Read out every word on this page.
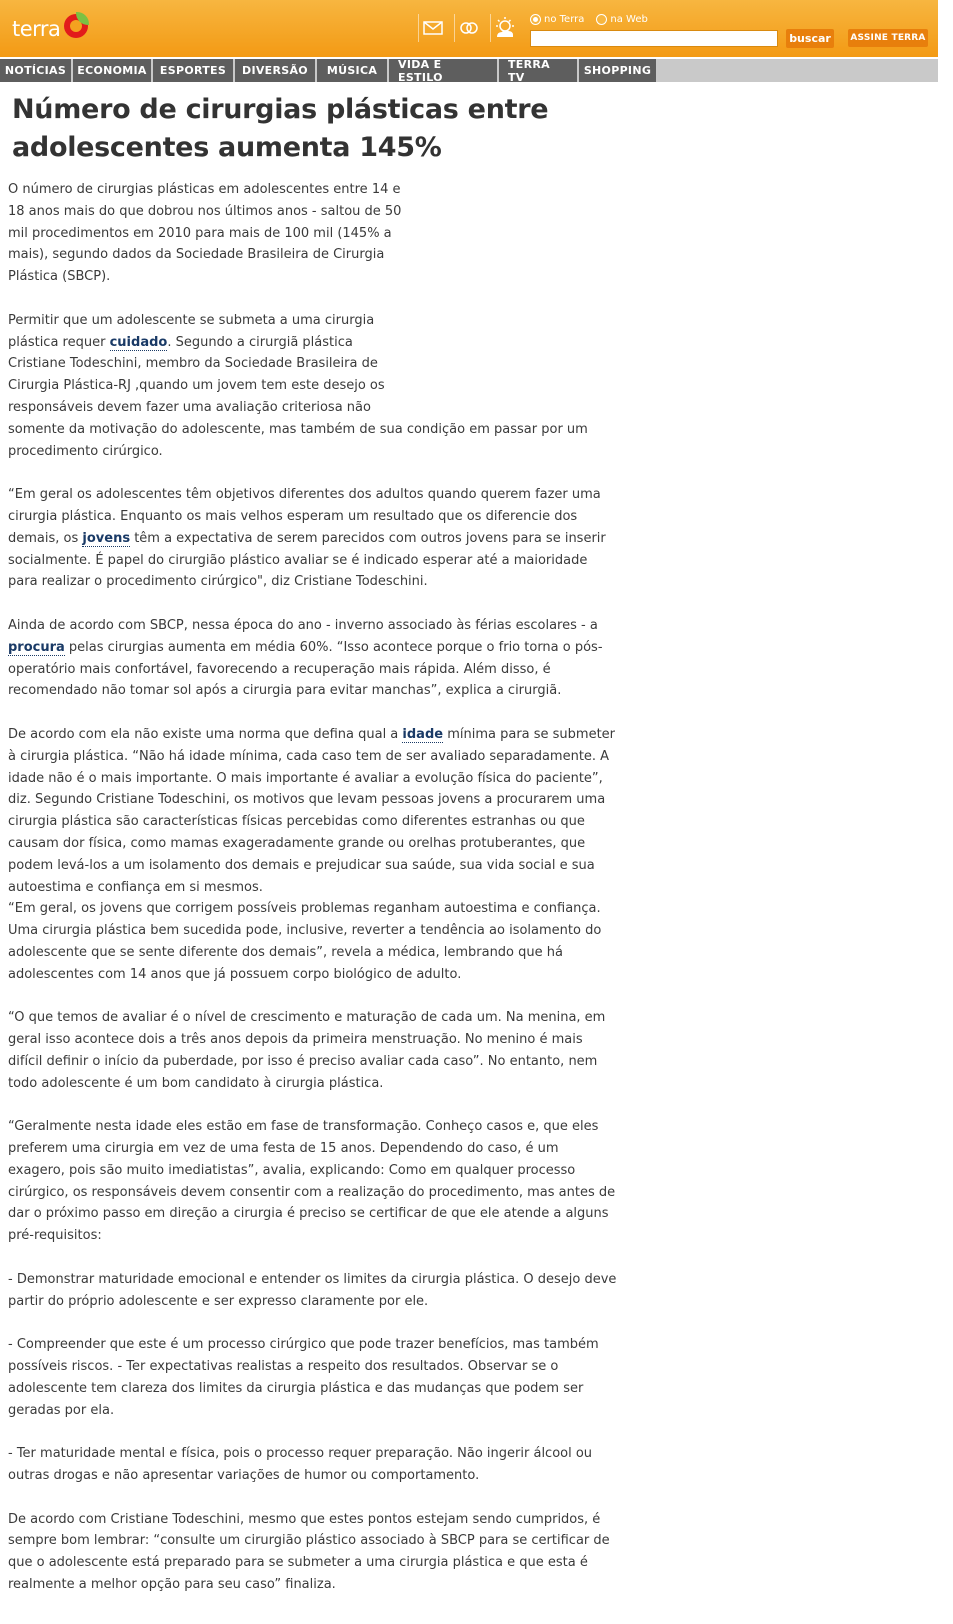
terra	no Terra	na Web
buscar	ASSINE TERRA
NOTÍCIAS	ECONOMIA	ESPORTES	DIVERSÃO	MÚSICA	VIDA E ESTILO
TERRA TV	SHOPPING
Número de cirurgias plásticas entre
adolescentes aumenta 145%

O número de cirurgias plásticas em adolescentes entre 14 e
18 anos mais do que dobrou nos últimos anos - saltou de 50
mil procedimentos em 2010 para mais de 100 mil (145% a
mais), segundo dados da Sociedade Brasileira de Cirurgia
Plástica (SBCP).

Permitir que um adolescente se submeta a uma cirurgia
plástica requer cuidado. Segundo a cirurgiã plástica
Cristiane Todeschini, membro da Sociedade Brasileira de
Cirurgia Plástica-RJ ,quando um jovem tem este desejo os
responsáveis devem fazer uma avaliação criteriosa não
somente da motivação do adolescente, mas também de sua condição em passar por um
procedimento cirúrgico.

“Em geral os adolescentes têm objetivos diferentes dos adultos quando querem fazer uma
cirurgia plástica. Enquanto os mais velhos esperam um resultado que os diferencie dos
demais, os jovens têm a expectativa de serem parecidos com outros jovens para se inserir
socialmente. É papel do cirurgião plástico avaliar se é indicado esperar até a maioridade
para realizar o procedimento cirúrgico", diz Cristiane Todeschini.

Ainda de acordo com SBCP, nessa época do ano - inverno associado às férias escolares - a
procura pelas cirurgias aumenta em média 60%. “Isso acontece porque o frio torna o pós-
operatório mais confortável, favorecendo a recuperação mais rápida. Além disso, é
recomendado não tomar sol após a cirurgia para evitar manchas”, explica a cirurgiã.

De acordo com ela não existe uma norma que defina qual a idade mínima para se submeter
à cirurgia plástica. “Não há idade mínima, cada caso tem de ser avaliado separadamente. A
idade não é o mais importante. O mais importante é avaliar a evolução física do paciente”,
diz. Segundo Cristiane Todeschini, os motivos que levam pessoas jovens a procurarem uma
cirurgia plástica são características físicas percebidas como diferentes estranhas ou que
causam dor física, como mamas exageradamente grande ou orelhas protuberantes, que
podem levá-los a um isolamento dos demais e prejudicar sua saúde, sua vida social e sua
autoestima e confiança em si mesmos.

“Em geral, os jovens que corrigem possíveis problemas reganham autoestima e confiança.
Uma cirurgia plástica bem sucedida pode, inclusive, reverter a tendência ao isolamento do
adolescente que se sente diferente dos demais”, revela a médica, lembrando que há
adolescentes com 14 anos que já possuem corpo biológico de adulto.

“O que temos de avaliar é o nível de crescimento e maturação de cada um. Na menina, em
geral isso acontece dois a três anos depois da primeira menstruação. No menino é mais
difícil definir o início da puberdade, por isso é preciso avaliar cada caso”. No entanto, nem
todo adolescente é um bom candidato à cirurgia plástica.

“Geralmente nesta idade eles estão em fase de transformação. Conheço casos e, que eles
preferem uma cirurgia em vez de uma festa de 15 anos. Dependendo do caso, é um
exagero, pois são muito imediatistas”, avalia, explicando: Como em qualquer processo
cirúrgico, os responsáveis devem consentir com a realização do procedimento, mas antes de
dar o próximo passo em direção a cirurgia é preciso se certificar de que ele atende a alguns
pré-requisitos:

- Demonstrar maturidade emocional e entender os limites da cirurgia plástica. O desejo deve
partir do próprio adolescente e ser expresso claramente por ele.

- Compreender que este é um processo cirúrgico que pode trazer benefícios, mas também
possíveis riscos. - Ter expectativas realistas a respeito dos resultados. Observar se o
adolescente tem clareza dos limites da cirurgia plástica e das mudanças que podem ser
geradas por ela.

- Ter maturidade mental e física, pois o processo requer preparação. Não ingerir álcool ou
outras drogas e não apresentar variações de humor ou comportamento.

De acordo com Cristiane Todeschini, mesmo que estes pontos estejam sendo cumpridos, é
sempre bom lembrar: “consulte um cirurgião plástico associado à SBCP para se certificar de
que o adolescente está preparado para se submeter a uma cirurgia plástica e que esta é
realmente a melhor opção para seu caso” finaliza.
